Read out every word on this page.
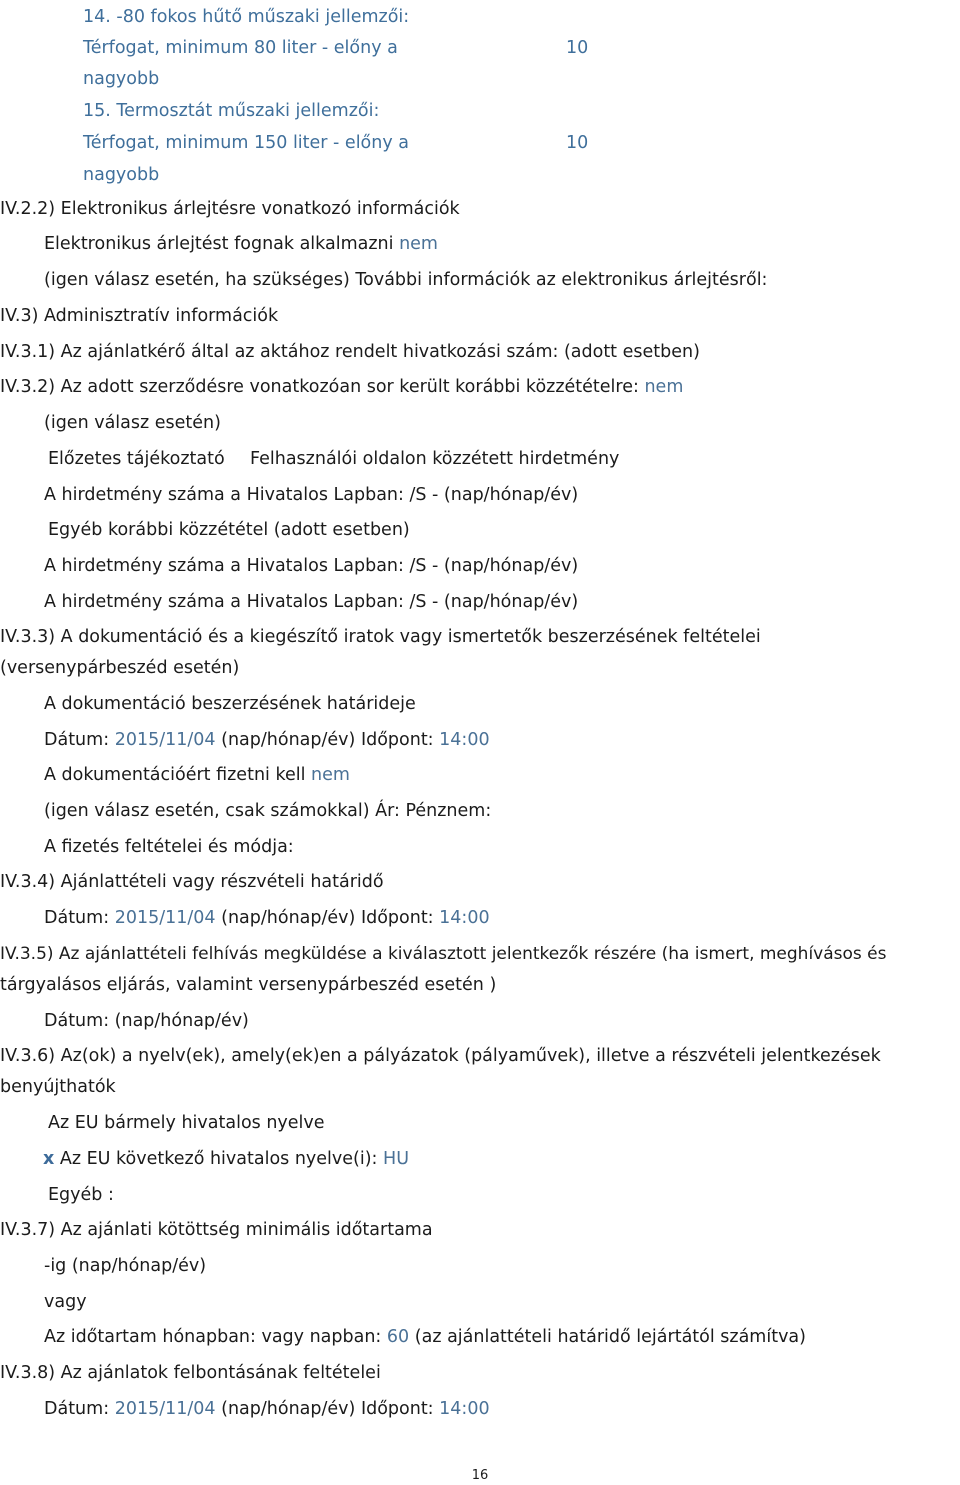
14. -80 fokos hűtő műszaki jellemzői:
Térfogat, minimum 80 liter - előny a	10
nagyobb
15. Termosztát műszaki jellemzői:
Térfogat, minimum 150 liter - előny a	10
nagyobb
IV.2.2) Elektronikus árlejtésre vonatkozó információk
Elektronikus árlejtést fognak alkalmazni nem
(igen válasz esetén, ha szükséges) További információk az elektronikus árlejtésről:
IV.3) Adminisztratív információk
IV.3.1) Az ajánlatkérő által az aktához rendelt hivatkozási szám: (adott esetben)
IV.3.2) Az adott szerződésre vonatkozóan sor került korábbi közzétételre: nem
(igen válasz esetén)
Előzetes tájékoztató Felhasználói oldalon közzétett hirdetmény
A hirdetmény száma a Hivatalos Lapban: /S - (nap/hónap/év)
Egyéb korábbi közzététel (adott esetben)
A hirdetmény száma a Hivatalos Lapban: /S - (nap/hónap/év)
A hirdetmény száma a Hivatalos Lapban: /S - (nap/hónap/év)
IV.3.3) A dokumentáció és a kiegészítő iratok vagy ismertetők beszerzésének feltételei
(versenypárbeszéd esetén)
A dokumentáció beszerzésének határideje
Dátum: 2015/11/04 (nap/hónap/év) Időpont: 14:00
A dokumentációért fizetni kell nem
(igen válasz esetén, csak számokkal) Ár: Pénznem:
A fizetés feltételei és módja:
IV.3.4) Ajánlattételi vagy részvételi határidő
Dátum: 2015/11/04 (nap/hónap/év) Időpont: 14:00
IV.3.5) Az ajánlattételi felhívás megküldése a kiválasztott jelentkezők részére (ha ismert, meghívásos és
tárgyalásos eljárás, valamint versenypárbeszéd esetén )
Dátum: (nap/hónap/év)
IV.3.6) Az(ok) a nyelv(ek), amely(ek)en a pályázatok (pályaművek), illetve a részvételi jelentkezések
benyújthatók
Az EU bármely hivatalos nyelve
x Az EU következő hivatalos nyelve(i): HU
Egyéb :
IV.3.7) Az ajánlati kötöttség minimális időtartama
-ig (nap/hónap/év)
vagy
Az időtartam hónapban: vagy napban: 60 (az ajánlattételi határidő lejártától számítva)
IV.3.8) Az ajánlatok felbontásának feltételei
Dátum: 2015/11/04 (nap/hónap/év) Időpont: 14:00
16
